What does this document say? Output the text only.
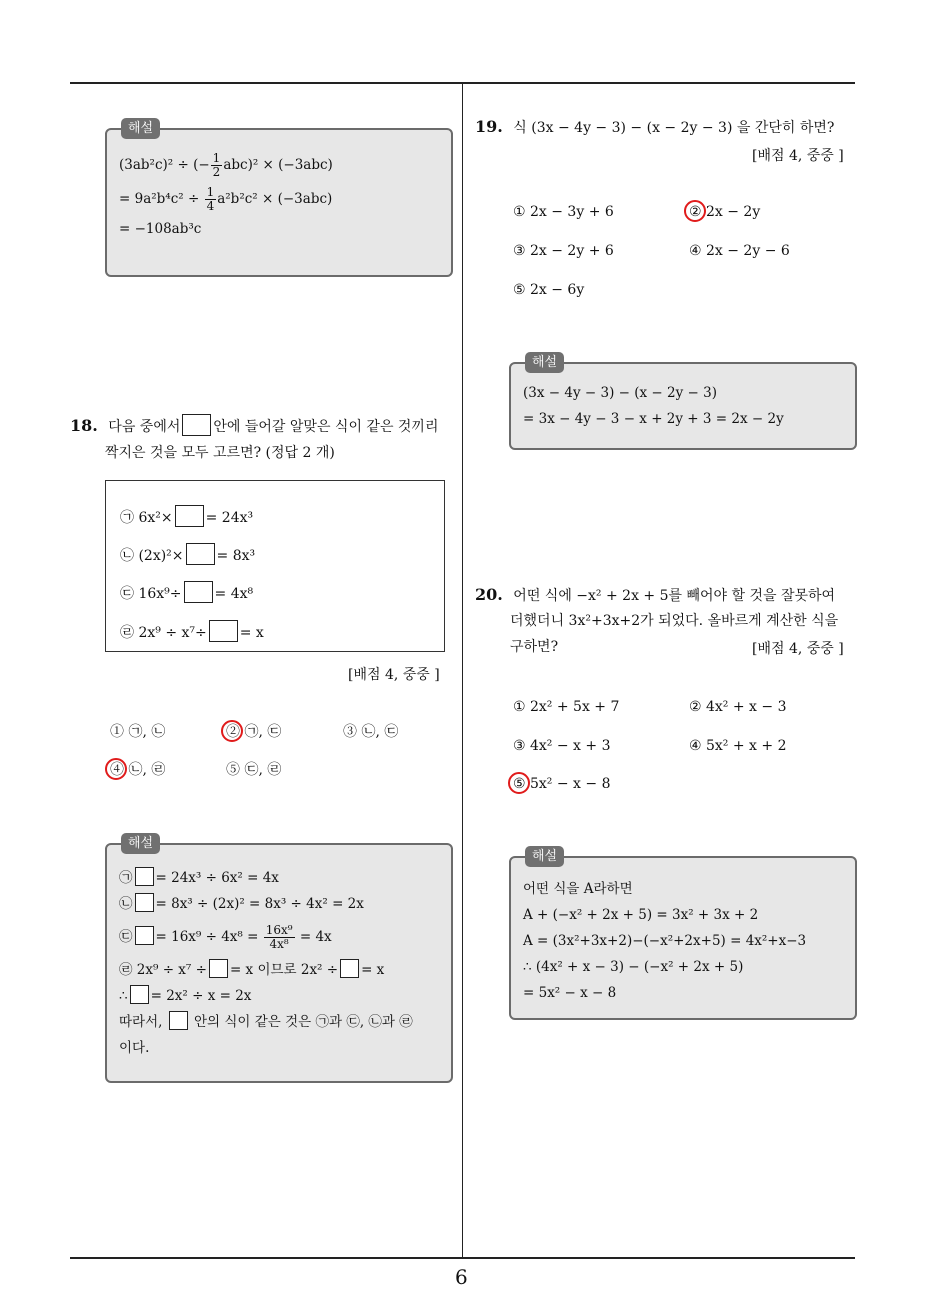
6
해설
(3ab²c)² ÷ (− $\frac{1}{2} abc)^2 \times (-3abc)$
= $9a^2b^4c^2 \div \frac{1}{4} a^2b^2c^2 \times (-3abc)$
= −108ab³c
18. 다음 중에서 안에 들어갈 알맞은 식이 같은 것끼리
짝지은 것을 모두 고르면? (정답 2 개)
㉠ 6x²× = 24x³
㉡ (2x)²× = 8x³
㉢ 16x⁹÷ = 4x⁸
㉣ 2x⁹ ÷ x⁷÷ = x
[배점 4, 중중 ]
① ㉠, ㉡	② ㉠, ㉢	③ ㉡, ㉢
④ ㉡, ㉣	⑤ ㉢, ㉣
해설
㉠ = 24x³ ÷ 6x² = 4x
㉡ = 8x³ ÷ (2x)² = 8x³ ÷ 4x² = 2x
㉢ = $16x^9 \div 4x^8 = \frac{\text{16x⁹}}{\text{4x⁸}} = 4x$
㉣ 2x⁹ ÷ x⁷ ÷ = x 이므로 2x² ÷ = x
∴ = 2x² ÷ x = 2x
따라서, 안의 식이 같은 것은 ㉠과 ㉢, ㉡과 ㉣
이다.
19. 식 (3x − 4y − 3) − (x − 2y − 3) 을 간단히 하면?
[배점 4, 중중 ]
① 2x − 3y + 6	② 2x − 2y
③ 2x − 2y + 6	④ 2x − 2y − 6
⑤ 2x − 6y
해설
(3x − 4y − 3) − (x − 2y − 3)
= 3x − 4y − 3 − x + 2y + 3 = 2x − 2y
20. 어떤 식에 −x² + 2x + 5를 빼어야 할 것을 잘못하여
더했더니 3x²+3x+2가 되었다. 올바르게 계산한 식을
구하면?	[배점 4, 중중 ]
① 2x² + 5x + 7	② 4x² + x − 3
③ 4x² − x + 3	④ 5x² + x + 2
⑤ 5x² − x − 8
해설
어떤 식을 A라하면
A + (−x² + 2x + 5) = 3x² + 3x + 2
A = (3x²+3x+2)−(−x²+2x+5) = 4x²+x−3
∴ (4x² + x − 3) − (−x² + 2x + 5)
= 5x² − x − 8
